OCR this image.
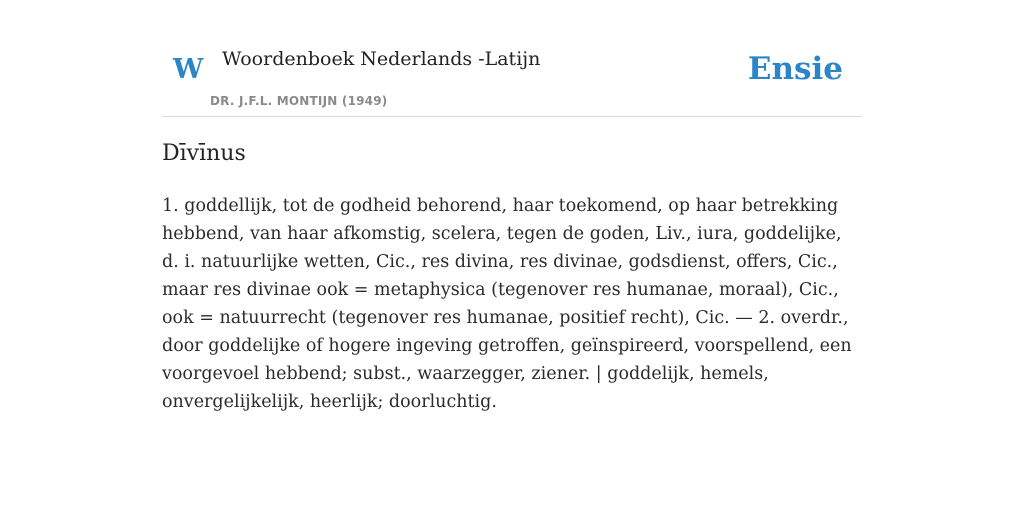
W Woordenboek Nederlands -Latijn
DR. J.F.L. MONTIJN (1949)
Ensie
Dīvīnus

1. goddellijk, tot de godheid behorend, haar toekomend, op haar betrekking hebbend, van haar afkomstig, scelera, tegen de goden, Liv., iura, goddelijke, d. i. natuurlijke wetten, Cic., res divina, res divinae, godsdienst, offers, Cic., maar res divinae ook = metaphysica (tegenover res humanae, moraal), Cic., ook = natuurrecht (tegenover res humanae, positief recht), Cic. — 2. overdr., door goddelijke of hogere ingeving getroffen, geïnspireerd, voorspellend, een voorgevoel hebbend; subst., waarzegger, ziener. | goddelijk, hemels, onvergelijkelijk, heerlijk; doorluchtig.
